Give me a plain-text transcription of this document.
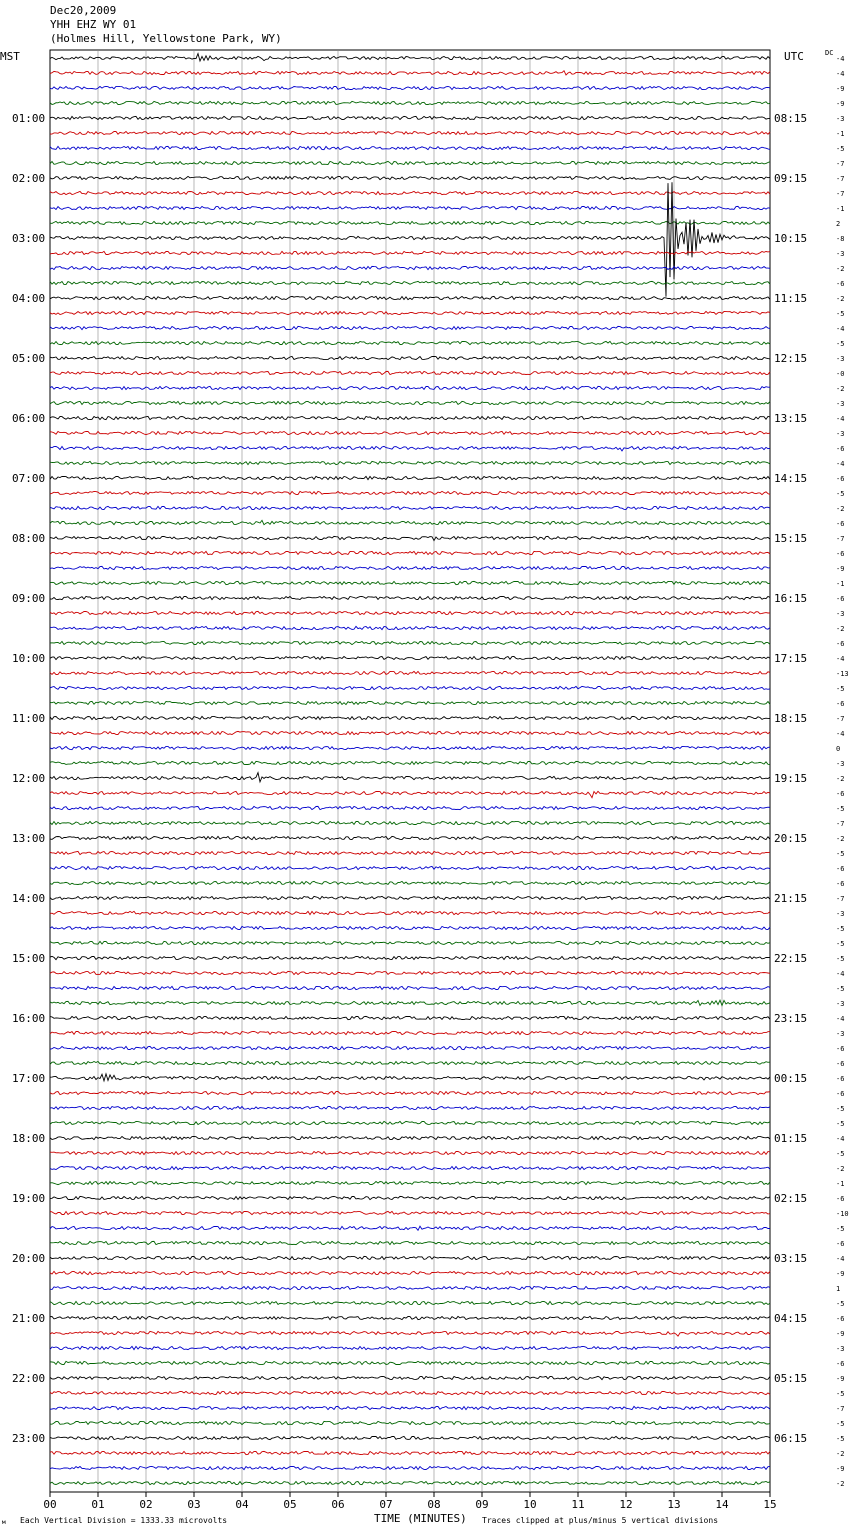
Dec20,2009
YHH EHZ WY 01
(Holmes Hill, Yellowstone Park, WY)
MST	UTC	DC
-4
-4
-9
-9
-3
-1
-5
-7
-7
-7
-1
2
-8
-3
-2
-6
-2
-5
-4
-5
-3
-0
-2
-3
-4
-3
-6
-4
-6
-5
-2
-6
-7
-6
-9
-1
-6
-3
-2
-6
-4
-13
-5
-6
-7
-4
0
-3
-2
-6
-5
-7
-2
-5
-6
-6
-7
-3
-5
-5
-5
-4
-5
-3
-4
-3
-6
-6
-6
-6
-5
-5
-4
-5
-2
-1
-6
-10
-5
-6
-4
-9
1
-5
-6
-9
-3
-6
-9
-5
-7
-5
-5
-2
-9
-2
01:00
02:00
03:00
04:00
05:00
06:00
07:00
08:00
09:00
10:00
11:00
12:00
13:00
14:00
15:00
16:00
17:00
18:00
19:00
20:00
21:00
22:00
23:00
08:15
09:15
10:15
11:15
12:15
13:15
14:15
15:15
16:15
17:15
18:15
19:15
20:15
21:15
22:15
23:15
00:15
01:15
02:15
03:15
04:15
05:15
06:15
00	01	02	03	04	05	06	07	08	09	10	11	12	13	14	15
м Each Vertical Division = 1333.33 microvolts	TIME (MINUTES) Traces clipped at plus/minus 5 vertical divisions
